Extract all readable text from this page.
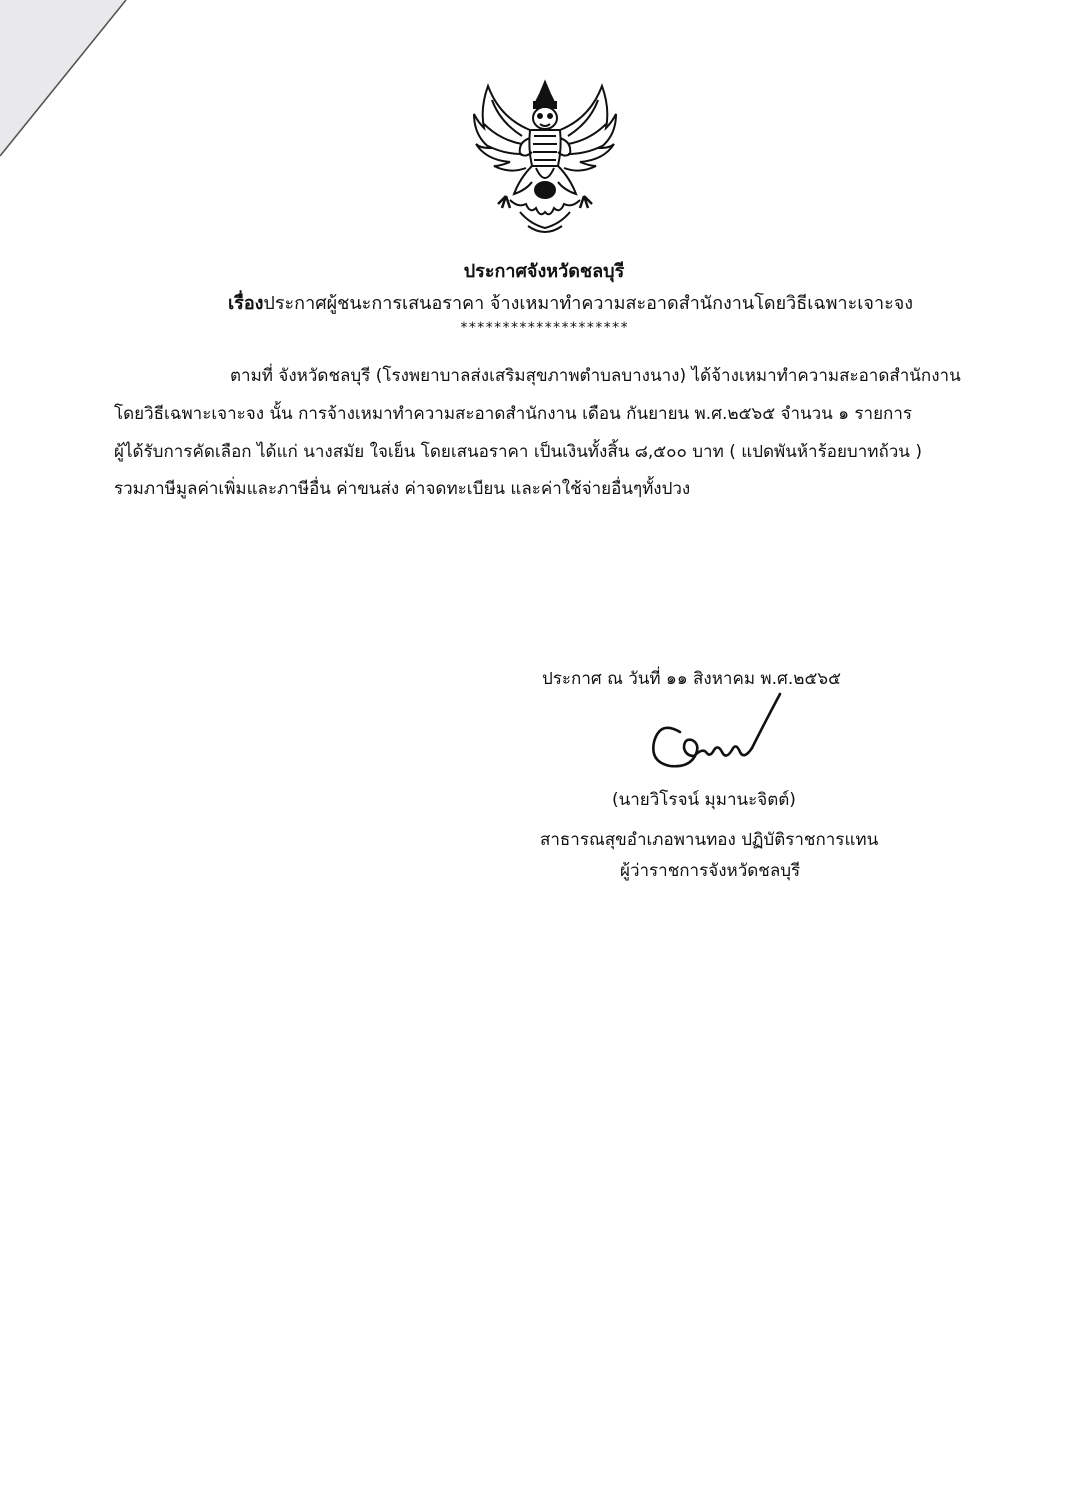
ประกาศจังหวัดชลบุรี
เรื่องประกาศผู้ชนะการเสนอราคา จ้างเหมาทำความสะอาดสำนักงานโดยวิธีเฉพาะเจาะจง
********************
ตามที่ จังหวัดชลบุรี (โรงพยาบาลส่งเสริมสุขภาพตำบลบางนาง) ได้จ้างเหมาทำความสะอาดสำนักงาน
โดยวิธีเฉพาะเจาะจง นั้น การจ้างเหมาทำความสะอาดสำนักงาน เดือน กันยายน พ.ศ.๒๕๖๕ จำนวน ๑ รายการ
ผู้ได้รับการคัดเลือก ได้แก่ นางสมัย ใจเย็น โดยเสนอราคา เป็นเงินทั้งสิ้น ๘,๕๐๐ บาท ( แปดพันห้าร้อยบาทถ้วน )
รวมภาษีมูลค่าเพิ่มและภาษีอื่น ค่าขนส่ง ค่าจดทะเบียน และค่าใช้จ่ายอื่นๆทั้งปวง
ประกาศ ณ วันที่ ๑๑ สิงหาคม พ.ศ.๒๕๖๕
(นายวิโรจน์ มุมานะจิตต์)
สาธารณสุขอำเภอพานทอง ปฏิบัติราชการแทน
ผู้ว่าราชการจังหวัดชลบุรี
